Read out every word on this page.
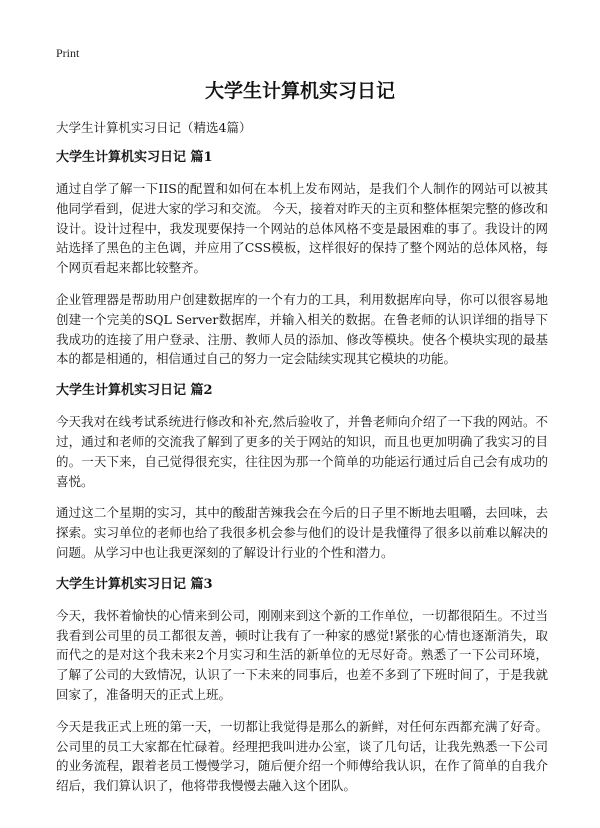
Print
大学生计算机实习日记

大学生计算机实习日记（精选4篇）

大学生计算机实习日记 篇1

通过自学了解一下IIS的配置和如何在本机上发布网站，是我们个人制作的网站可以被其他同学看到，促进大家的学习和交流。 今天，接着对昨天的主页和整体框架完整的修改和设计。设计过程中，我发现要保持一个网站的总体风格不变是最困难的事了。我设计的网站选择了黑色的主色调，并应用了CSS模板，这样很好的保持了整个网站的总体风格，每个网页看起来都比较整齐。

企业管理器是帮助用户创建数据库的一个有力的工具，利用数据库向导，你可以很容易地创建一个完美的SQL Server数据库，并输入相关的数据。在鲁老师的认识详细的指导下我成功的连接了用户登录、注册、教师人员的添加、修改等模块。使各个模块实现的最基本的都是相通的，相信通过自己的努力一定会陆续实现其它模块的功能。

大学生计算机实习日记 篇2

今天我对在线考试系统进行修改和补充,然后验收了，并鲁老师向介绍了一下我的网站。不过，通过和老师的交流我了解到了更多的关于网站的知识，而且也更加明确了我实习的目的。一天下来，自己觉得很充实，往往因为那一个简单的功能运行通过后自己会有成功的喜悦。

通过这二个星期的实习，其中的酸甜苦辣我会在今后的日子里不断地去咀嚼，去回味，去探索。实习单位的老师也给了我很多机会参与他们的设计是我懂得了很多以前难以解决的问题。从学习中也让我更深刻的了解设计行业的个性和潜力。

大学生计算机实习日记 篇3

今天，我怀着愉快的心情来到公司，刚刚来到这个新的工作单位，一切都很陌生。不过当我看到公司里的员工都很友善，顿时让我有了一种家的感觉!紧张的心情也逐渐消失，取而代之的是对这个我未来2个月实习和生活的新单位的无尽好奇。熟悉了一下公司环境，了解了公司的大致情况，认识了一下未来的同事后，也差不多到了下班时间了，于是我就回家了，准备明天的正式上班。

今天是我正式上班的第一天，一切都让我觉得是那么的新鲜，对任何东西都充满了好奇。公司里的员工大家都在忙碌着。经理把我叫进办公室，谈了几句话，让我先熟悉一下公司的业务流程，跟着老员工慢慢学习，随后便介绍一个师傅给我认识，在作了简单的自我介绍后，我们算认识了，他将带我慢慢去融入这个团队。
